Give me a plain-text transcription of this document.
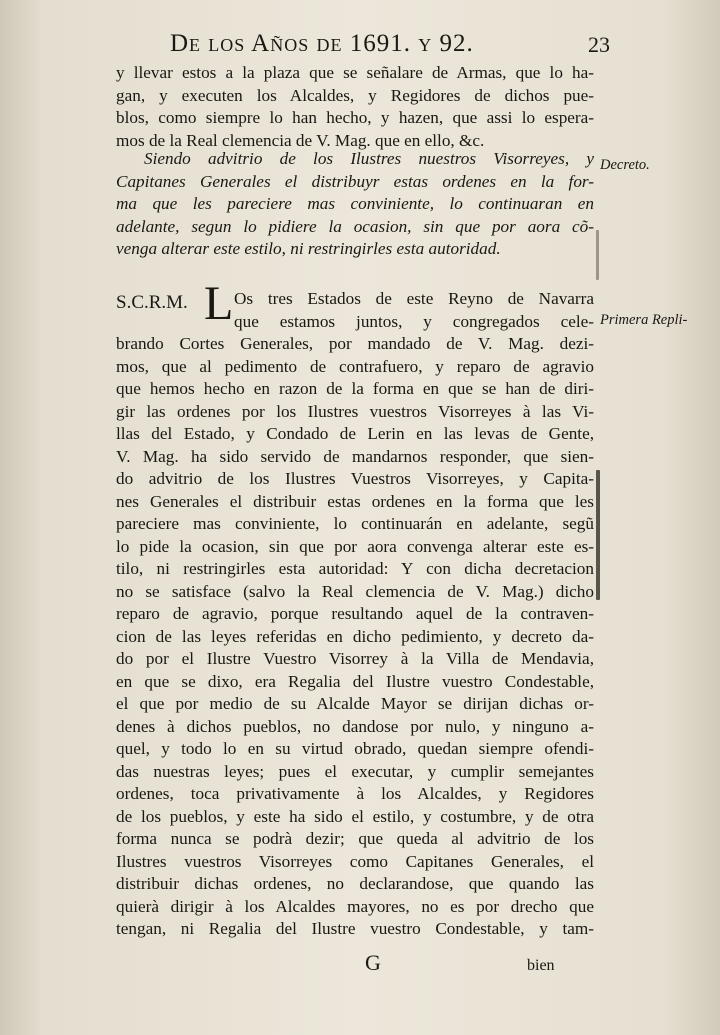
De los Años de 1691. y 92.	23
y llevar estos a la plaza que se señalare de Armas, que lo ha-
gan, y executen los Alcaldes, y Regidores de dichos pue-
blos, como siempre lo han hecho, y hazen, que assi lo espera-
mos de la Real clemencia de V. Mag. que en ello, &c.
Siendo advitrio de los Ilustres nuestros Visorreyes, y
Capitanes Generales el distribuyr estas ordenes en la for-
ma que les pareciere mas conviniente, lo continuaran en
adelante, segun lo pidiere la ocasion, sin que por aora cõ-
venga alterar este estilo, ni restringirles esta autoridad.
S.C.R.M. L Os tres Estados de este Reyno de Navarra
que estamos juntos, y congregados cele-
brando Cortes Generales, por mandado de V. Mag. dezi-
mos, que al pedimento de contrafuero, y reparo de agravio
que hemos hecho en razon de la forma en que se han de diri-
gir las ordenes por los Ilustres vuestros Visorreyes à las Vi-
llas del Estado, y Condado de Lerin en las levas de Gente,
V. Mag. ha sido servido de mandarnos responder, que sien-
do advitrio de los Ilustres Vuestros Visorreyes, y Capita-
nes Generales el distribuir estas ordenes en la forma que les
pareciere mas conviniente, lo continuarán en adelante, segũ
lo pide la ocasion, sin que por aora convenga alterar este es-
tilo, ni restringirles esta autoridad: Y con dicha decretacion
no se satisface (salvo la Real clemencia de V. Mag.) dicho
reparo de agravio, porque resultando aquel de la contraven-
cion de las leyes referidas en dicho pedimiento, y decreto da-
do por el Ilustre Vuestro Visorrey à la Villa de Mendavia,
en que se dixo, era Regalia del Ilustre vuestro Condestable,
el que por medio de su Alcalde Mayor se dirijan dichas or-
denes à dichos pueblos, no dandose por nulo, y ninguno a-
quel, y todo lo en su virtud obrado, quedan siempre ofendi-
das nuestras leyes; pues el executar, y cumplir semejantes
ordenes, toca privativamente à los Alcaldes, y Regidores
de los pueblos, y este ha sido el estilo, y costumbre, y de otra
forma nunca se podrà dezir; que queda al advitrio de los
Ilustres vuestros Visorreyes como Capitanes Generales, el
distribuir dichas ordenes, no declarandose, que quando las
quierà dirigir à los Alcaldes mayores, no es por drecho que
tengan, ni Regalia del Ilustre vuestro Condestable, y tam-
Decreto.
Primera Repli-
G	bien
